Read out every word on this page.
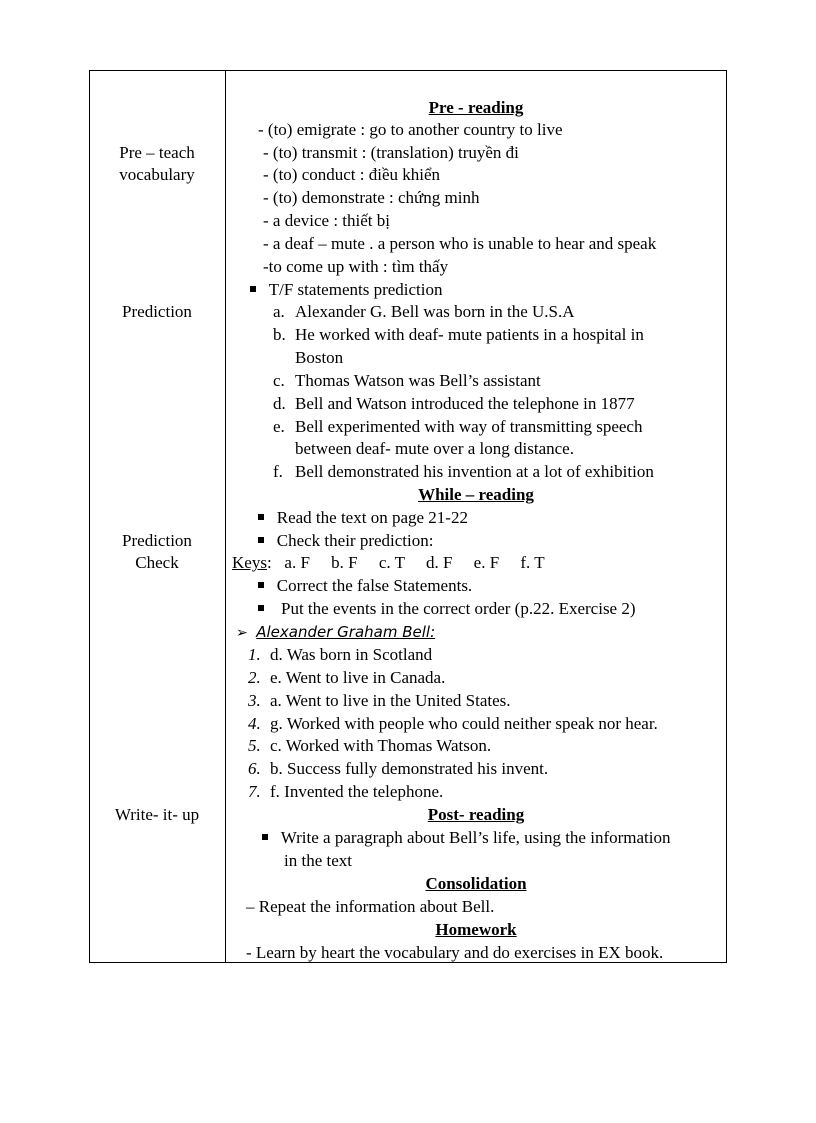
Pre – teach
vocabulary
Prediction
Prediction
Check
Write- it- up
Pre - reading
- (to) emigrate : go to another country to live
- (to) transmit : (translation) truyền đi
- (to) conduct : điều khiển
- (to) demonstrate : chứng minh
- a device : thiết bị
- a deaf – mute . a person who is unable to hear and speak
-to come up with : tìm thấy
T/F statements prediction
a. Alexander G. Bell was born in the U.S.A
b. He worked with deaf- mute patients in a hospital in
Boston
c. Thomas Watson was Bell’s assistant
d. Bell and Watson introduced the telephone in 1877
e. Bell experimented with way of transmitting speech
between deaf- mute over a long distance.
f. Bell demonstrated his invention at a lot of exhibition
While – reading
Read the text on page 21-22
Check their prediction:
Keys:   a. F     b. F     c. T     d. F     e. F     f. T
Correct the false Statements.
Put the events in the correct order (p.22. Exercise 2)
➢ Alexander Graham Bell:
1. d. Was born in Scotland
2. e. Went to live in Canada.
3. a. Went to live in the United States.
4. g. Worked with people who could neither speak nor hear.
5. c. Worked with Thomas Watson.
6. b. Success fully demonstrated his invent.
7. f. Invented the telephone.
Post- reading
Write a paragraph about Bell’s life, using the information
in the text
Consolidation
– Repeat the information about Bell.
Homework
- Learn by heart the vocabulary and do exercises in EX book.
